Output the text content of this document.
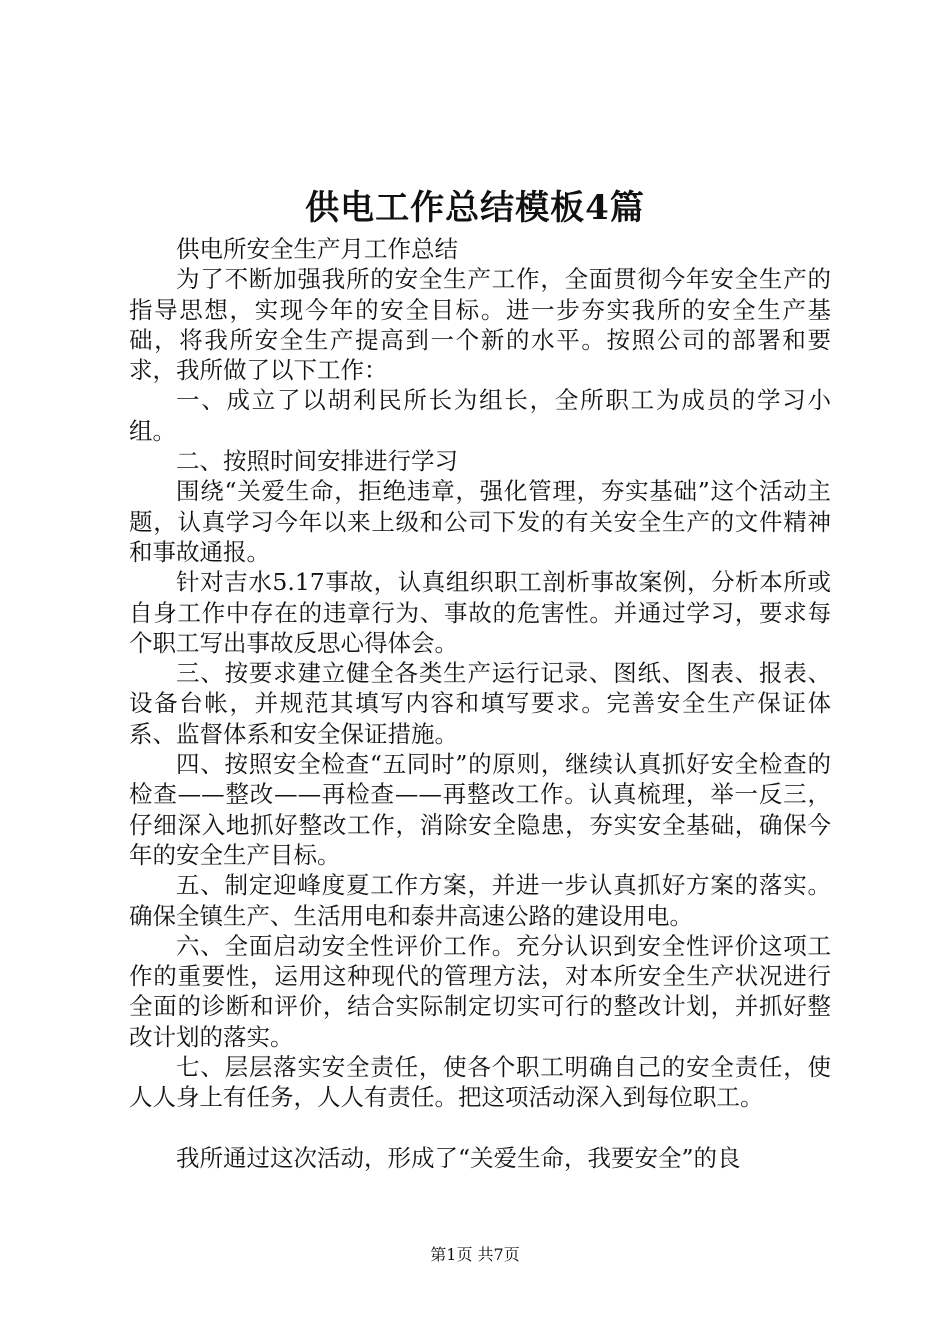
供电工作总结模板4篇

供电所安全生产月工作总结

为了不断加强我所的安全生产工作，全面贯彻今年安全生产的指导思想，实现今年的安全目标。进一步夯实我所的安全生产基础，将我所安全生产提高到一个新的水平。按照公司的部署和要求，我所做了以下工作：

一、成立了以胡利民所长为组长，全所职工为成员的学习小组。

二、按照时间安排进行学习

围绕“关爱生命，拒绝违章，强化管理，夯实基础”这个活动主题，认真学习今年以来上级和公司下发的有关安全生产的文件精神和事故通报。

针对吉水5.17事故，认真组织职工剖析事故案例，分析本所或自身工作中存在的违章行为、事故的危害性。并通过学习，要求每个职工写出事故反思心得体会。

三、按要求建立健全各类生产运行记录、图纸、图表、报表、设备台帐，并规范其填写内容和填写要求。完善安全生产保证体系、监督体系和安全保证措施。

四、按照安全检查“五同时”的原则，继续认真抓好安全检查的检查——整改——再检查——再整改工作。认真梳理，举一反三，仔细深入地抓好整改工作，消除安全隐患，夯实安全基础，确保今年的安全生产目标。

五、制定迎峰度夏工作方案，并进一步认真抓好方案的落实。确保全镇生产、生活用电和泰井高速公路的建设用电。

六、全面启动安全性评价工作。充分认识到安全性评价这项工作的重要性，运用这种现代的管理方法，对本所安全生产状况进行全面的诊断和评价，结合实际制定切实可行的整改计划，并抓好整改计划的落实。

七、层层落实安全责任，使各个职工明确自己的安全责任，使人人身上有任务，人人有责任。把这项活动深入到每位职工。

我所通过这次活动，形成了“关爱生命，我要安全”的良

第1页 共7页
